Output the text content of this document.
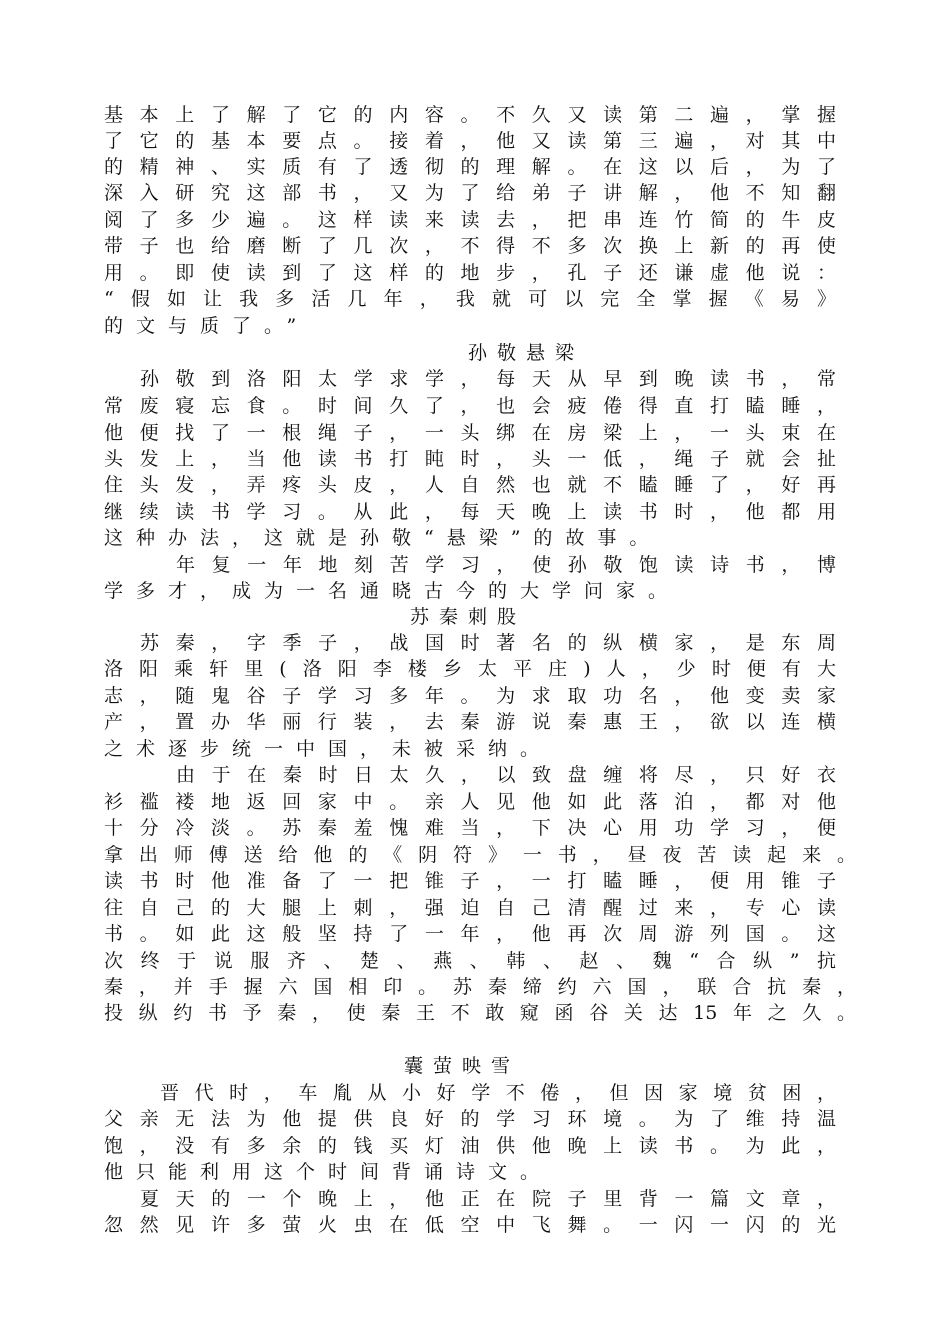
基本上了解了它的内容。不久又读第二遍，掌握
了它的基本要点。接着，他又读第三遍，对其中
的精神、实质有了透彻的理解。在这以后，为了
深入研究这部书，又为了给弟子讲解，他不知翻
阅了多少遍。这样读来读去，把串连竹简的牛皮
带子也给磨断了几次，不得不多次换上新的再使
用。即使读到了这样的地步，孔子还谦虚他说：
“假如让我多活几年，我就可以完全掌握《易》
的文与质了。”
孙敬悬梁
孙敬到洛阳太学求学，每天从早到晚读书，常
常废寝忘食。时间久了，也会疲倦得直打瞌睡，
他便找了一根绳子，一头绑在房梁上，一头束在
头发上，当他读书打盹时，头一低，绳子就会扯
住头发，弄疼头皮，人自然也就不瞌睡了，好再
继续读书学习。从此，每天晚上读书时，他都用
这种办法，这就是孙敬“悬梁”的故事。
年复一年地刻苦学习，使孙敬饱读诗书，博
学多才，成为一名通晓古今的大学问家。
苏秦刺股
苏秦，字季子，战国时著名的纵横家，是东周
洛阳乘轩里(洛阳李楼乡太平庄)人，少时便有大
志，随鬼谷子学习多年。为求取功名，他变卖家
产，置办华丽行装，去秦游说秦惠王，欲以连横
之术逐步统一中国，未被采纳。
由于在秦时日太久，以致盘缠将尽，只好衣
衫褴褛地返回家中。亲人见他如此落泊，都对他
十分冷淡。苏秦羞愧难当，下决心用功学习，便
拿出师傅送给他的《阴符》一书，昼夜苦读起来。
读书时他准备了一把锥子，一打瞌睡，便用锥子
往自己的大腿上刺，强迫自己清醒过来，专心读
书。如此这般坚持了一年，他再次周游列国。这
次终于说服齐、楚、燕、韩、赵、魏“合纵”抗
秦，并手握六国相印。苏秦缔约六国，联合抗秦，
投纵约书予秦，使秦王不敢窥函谷关达15年之久。
囊萤映雪
晋代时，车胤从小好学不倦，但因家境贫困，
父亲无法为他提供良好的学习环境。为了维持温
饱，没有多余的钱买灯油供他晚上读书。为此，
他只能利用这个时间背诵诗文。
夏天的一个晚上，他正在院子里背一篇文章，
忽然见许多萤火虫在低空中飞舞。一闪一闪的光
